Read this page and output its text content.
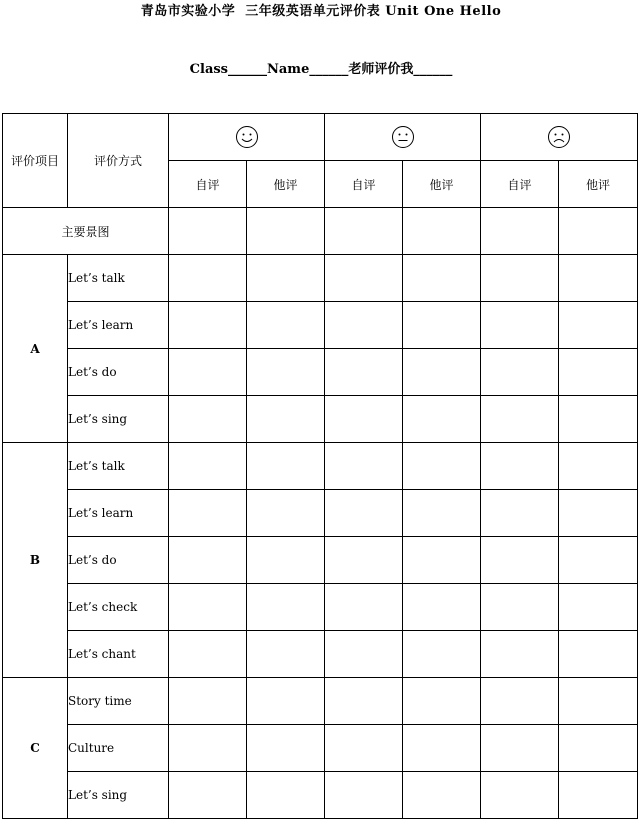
青岛市实验小学  三年级英语单元评价表 Unit One Hello
Class______Name______老师评价我______
评价项目	评价方式			
		自评	他评	自评	他评	自评	他评
主要景图							
A	Let’s talk						
	Let’s learn						
	Let’s do						
	Let’s sing						
B	Let’s talk						
	Let’s learn						
	Let’s do						
	Let’s check						
	Let’s chant						
C	Story time						
	Culture						
	Let’s sing						
